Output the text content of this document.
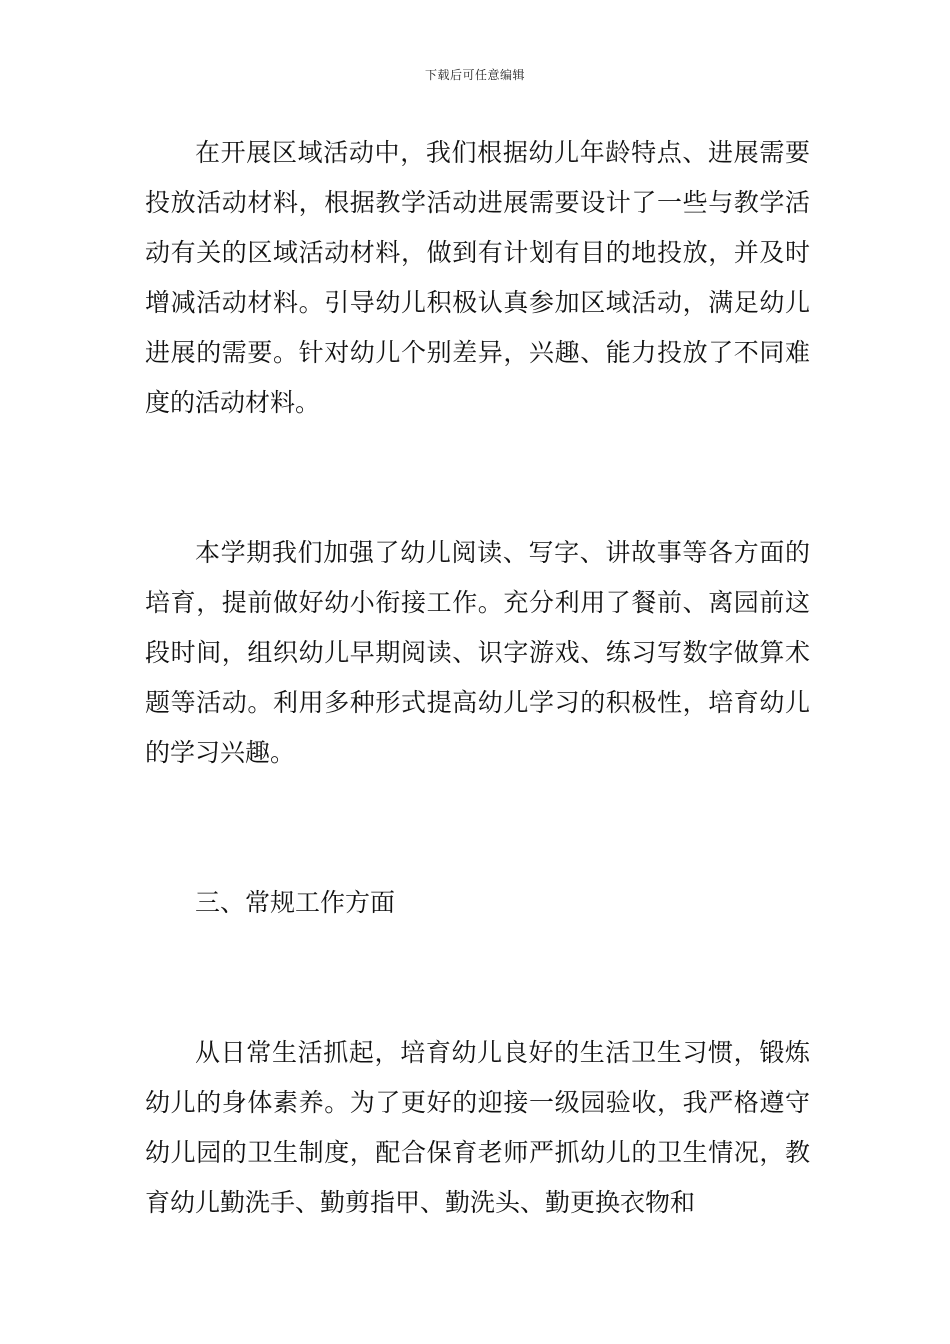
下载后可任意编辑

在开展区域活动中，我们根据幼儿年龄特点、进展需要投放活动材料，根据教学活动进展需要设计了一些与教学活动有关的区域活动材料，做到有计划有目的地投放，并及时增减活动材料。引导幼儿积极认真参加区域活动，满足幼儿进展的需要。针对幼儿个别差异，兴趣、能力投放了不同难度的活动材料。

本学期我们加强了幼儿阅读、写字、讲故事等各方面的培育，提前做好幼小衔接工作。充分利用了餐前、离园前这段时间，组织幼儿早期阅读、识字游戏、练习写数字做算术题等活动。利用多种形式提高幼儿学习的积极性，培育幼儿的学习兴趣。

三、常规工作方面

从日常生活抓起，培育幼儿良好的生活卫生习惯，锻炼幼儿的身体素养。为了更好的迎接一级园验收，我严格遵守幼儿园的卫生制度，配合保育老师严抓幼儿的卫生情况，教育幼儿勤洗手、勤剪指甲、勤洗头、勤更换衣物和
